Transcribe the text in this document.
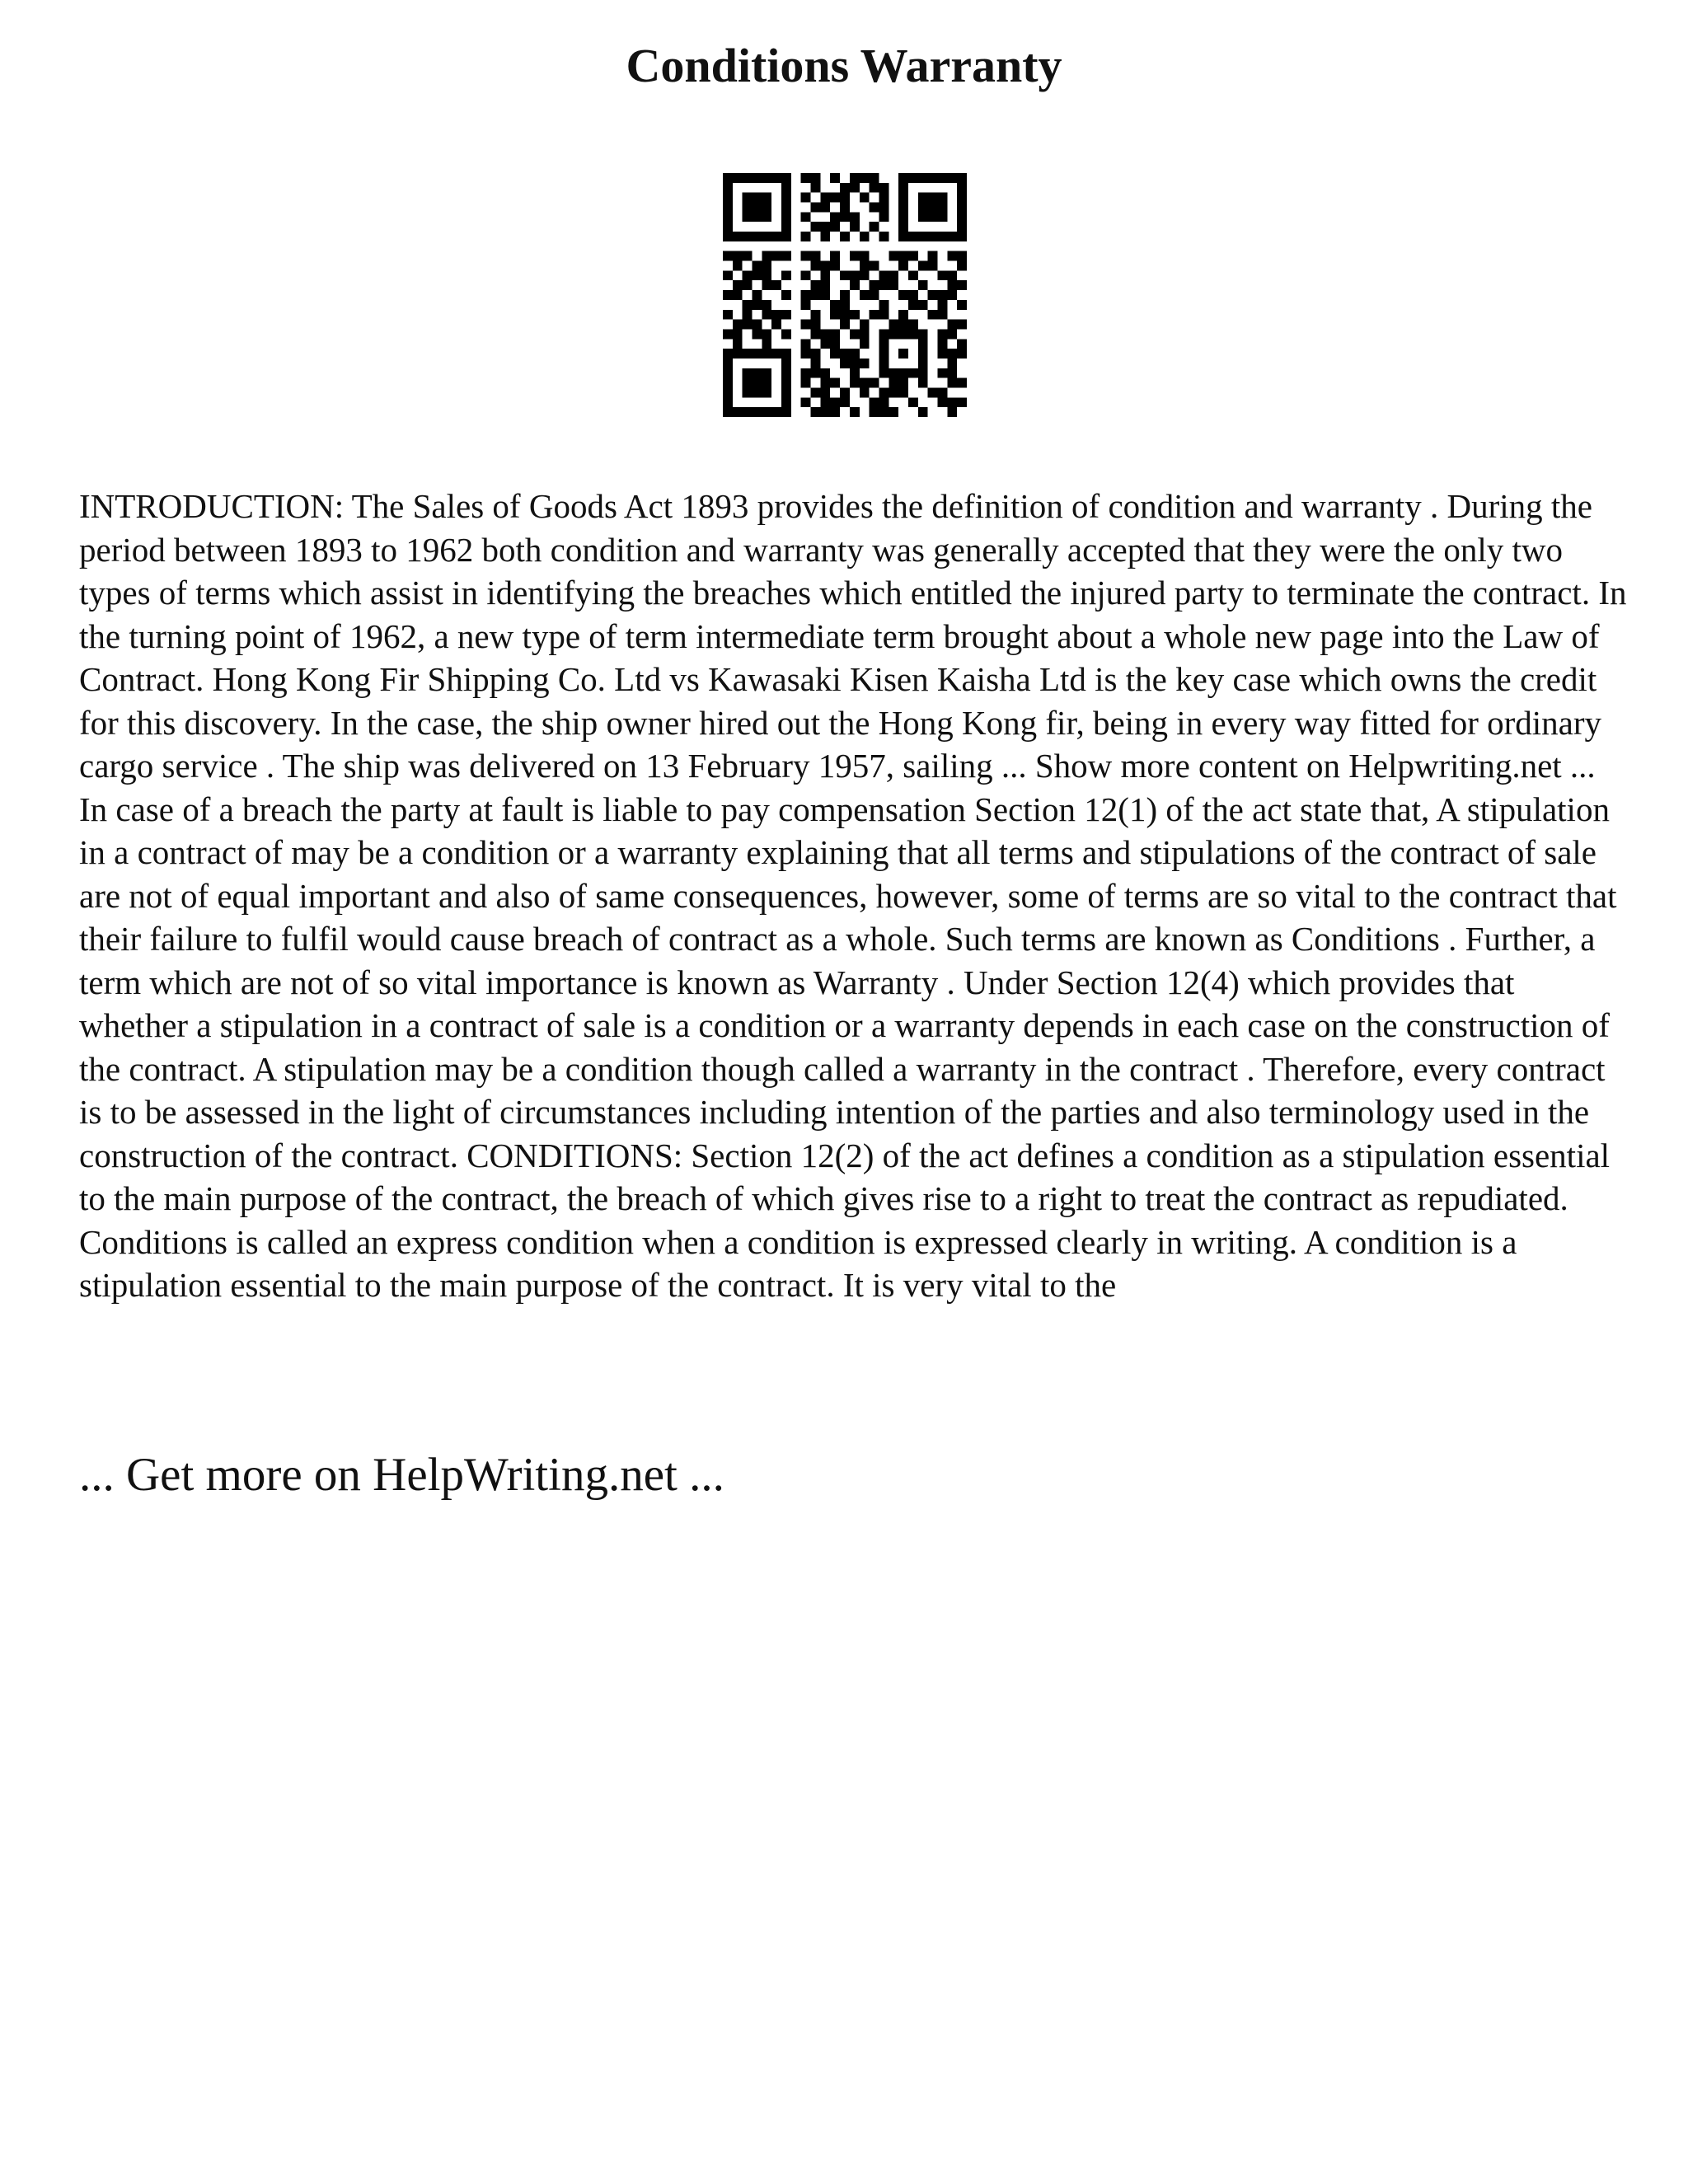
Conditions Warranty

INTRODUCTION: The Sales of Goods Act 1893 provides the definition of condition and warranty . During the period between 1893 to 1962 both condition and warranty was generally accepted that they were the only two types of terms which assist in identifying the breaches which entitled the injured party to terminate the contract. In the turning point of 1962, a new type of term intermediate term brought about a whole new page into the Law of Contract. Hong Kong Fir Shipping Co. Ltd vs Kawasaki Kisen Kaisha Ltd is the key case which owns the credit for this discovery. In the case, the ship owner hired out the Hong Kong fir, being in every way fitted for ordinary cargo service . The ship was delivered on 13 February 1957, sailing ... Show more content on Helpwriting.net ...

In case of a breach the party at fault is liable to pay compensation Section 12(1) of the act state that, A stipulation in a contract of may be a condition or a warranty explaining that all terms and stipulations of the contract of sale are not of equal important and also of same consequences, however, some of terms are so vital to the contract that their failure to fulfil would cause breach of contract as a whole. Such terms are known as Conditions . Further, a term which are not of so vital importance is known as Warranty . Under Section 12(4) which provides that whether a stipulation in a contract of sale is a condition or a warranty depends in each case on the construction of the contract. A stipulation may be a condition though called a warranty in the contract . Therefore, every contract is to be assessed in the light of circumstances including intention of the parties and also terminology used in the construction of the contract. CONDITIONS: Section 12(2) of the act defines a condition as a stipulation essential to the main purpose of the contract, the breach of which gives rise to a right to treat the contract as repudiated. Conditions is called an express condition when a condition is expressed clearly in writing. A condition is a stipulation essential to the main purpose of the contract. It is very vital to the

... Get more on HelpWriting.net ...
